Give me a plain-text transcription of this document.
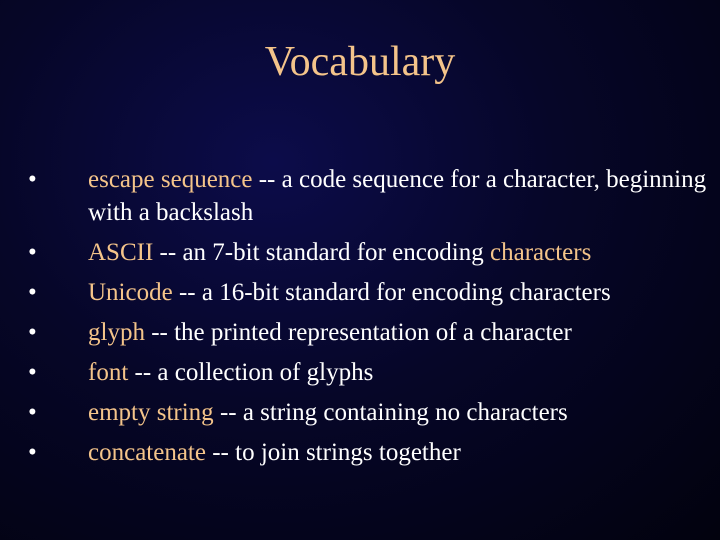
Vocabulary
• escape sequence -- a code sequence for a character, beginning with a backslash
• ASCII -- an 7-bit standard for encoding characters
• Unicode -- a 16-bit standard for encoding characters
• glyph -- the printed representation of a character
• font -- a collection of glyphs
• empty string -- a string containing no characters
• concatenate -- to join strings together
